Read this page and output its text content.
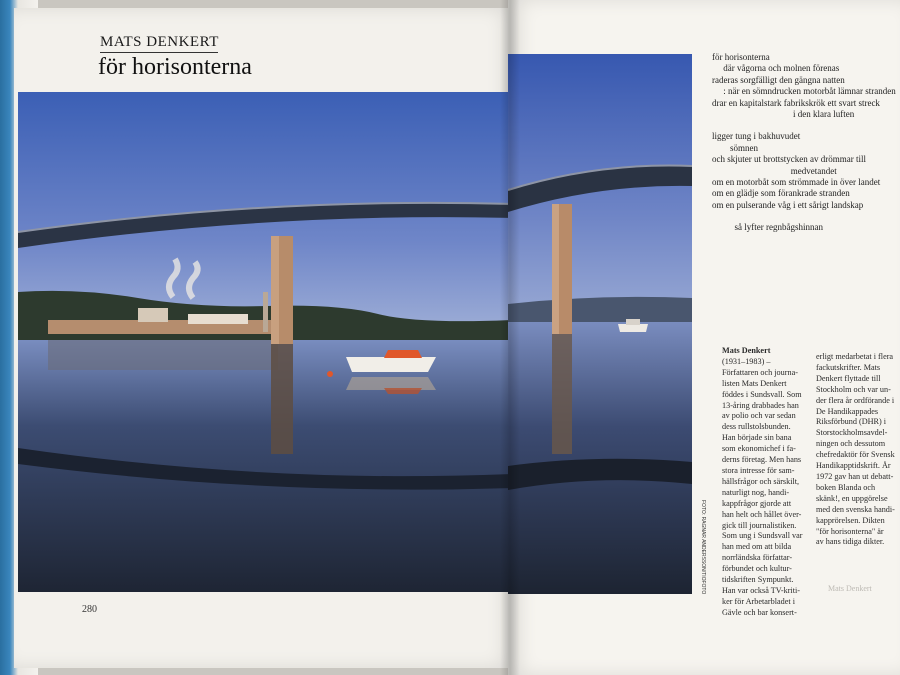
MATS DENKERT
för horisonterna
280
för horisonterna
där vågorna och molnen förenas
raderas sorgfälligt den gängna natten
: när en sömndrucken motorbåt lämnar stranden
drar en kapitalstark fabrikskrök ett svart streck
i den klara luften
ligger tung i bakhuvudet
sömnen
och skjuter ut brottstycken av drömmar till
medvetandet
om en motorbåt som strömmade in över landet
om en glädje som förankrade stranden
om en pulserande våg i ett sårigt landskap
så lyfter regnbågshinnan
Mats Denkert
(1931–1983) –
Författaren och journa-
listen Mats Denkert
föddes i Sundsvall. Som
13-åring drabbades han
av polio och var sedan
dess rullstolsbunden.
Han började sin bana
som ekonomichef i fa-
derns företag. Men hans
stora intresse för sam-
hällsfrågor och särskilt,
naturligt nog, handi-
kappfrågor gjorde att
han helt och hållet över-
gick till journalistiken.
Som ung i Sundsvall var
han med om att bilda
norrländska författar-
förbundet och kultur-
tidskriften Sympunkt.
Han var också TV-kriti-
ker för Arbetarbladet i
Gävle och bar konsert-
erligt medarbetat i flera
fackutskrifter. Mats
Denkert flyttade till
Stockholm och var un-
der flera år ordförande i
De Handikappades
Riksförbund (DHR) i
Storstockholmsavdel-
ningen och dessutom
chefredaktör för Svensk
Handikapptidskrift. År
1972 gav han ut debatt-
boken Blanda och
skänk!, en uppgörelse
med den svenska handi-
kapprörelsen. Dikten
"för horisonterna" är
av hans tidiga dikter.
FOTO: RAGNAR ANDERSSON/TIOFOTO	Mats Denkert
